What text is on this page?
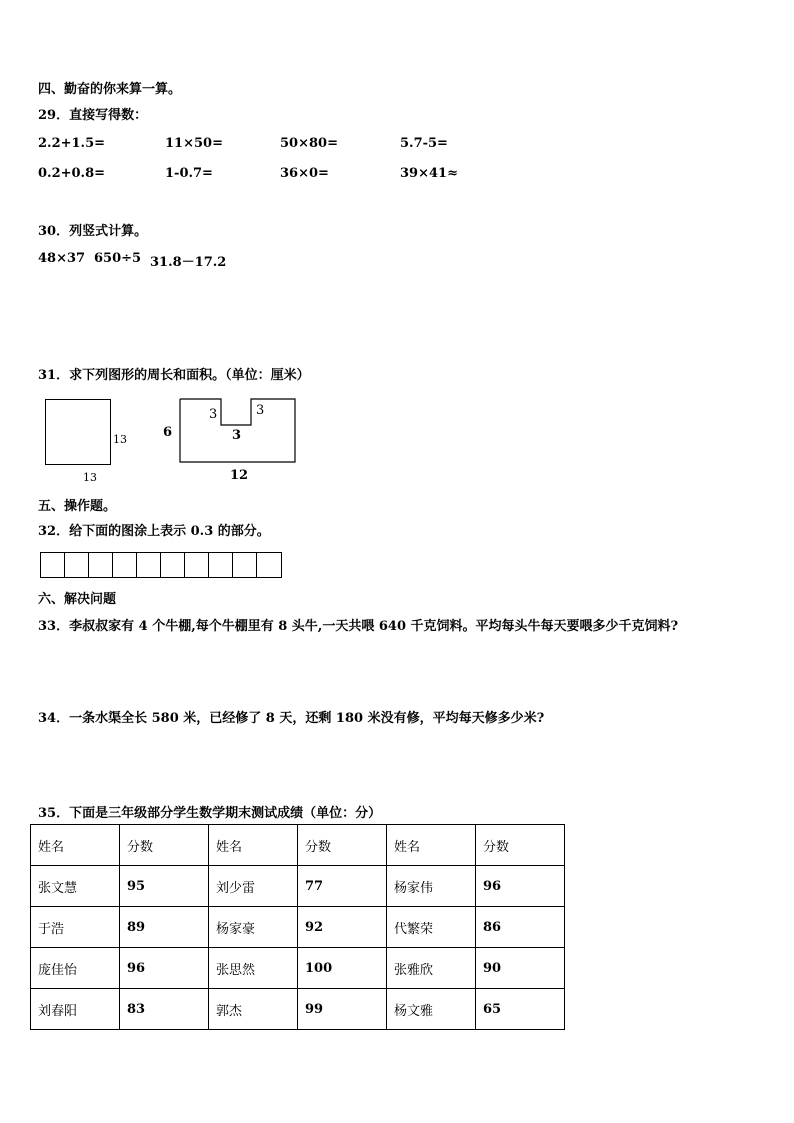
四、勤奋的你来算一算。
29．直接写得数：
2.2+1.5=	11×50=	50×80=	5.7-5=
0.2+0.8=	1-0.7=	36×0=	39×41≈
30．列竖式计算。
48×37 650÷5 31.8－17.2
31．求下列图形的周长和面积。（单位：厘米）
13
13
6
3	3
3
12
五、操作题。
32．给下面的图涂上表示 0.3 的部分。
六、解决问题
33．李叔叔家有 4 个牛棚,每个牛棚里有 8 头牛,一天共喂 640 千克饲料。平均每头牛每天要喂多少千克饲料?
34．一条水渠全长 580 米，已经修了 8 天，还剩 180 米没有修，平均每天修多少米?
35．下面是三年级部分学生数学期末测试成绩（单位：分）
姓名	分数	姓名	分数	姓名	分数
张文慧	95	刘少雷	77	杨家伟	96
于浩	89	杨家豪	92	代繁荣	86
庞佳怡	96	张思然	100	张雅欣	90
刘春阳	83	郭杰	99	杨文雅	65
